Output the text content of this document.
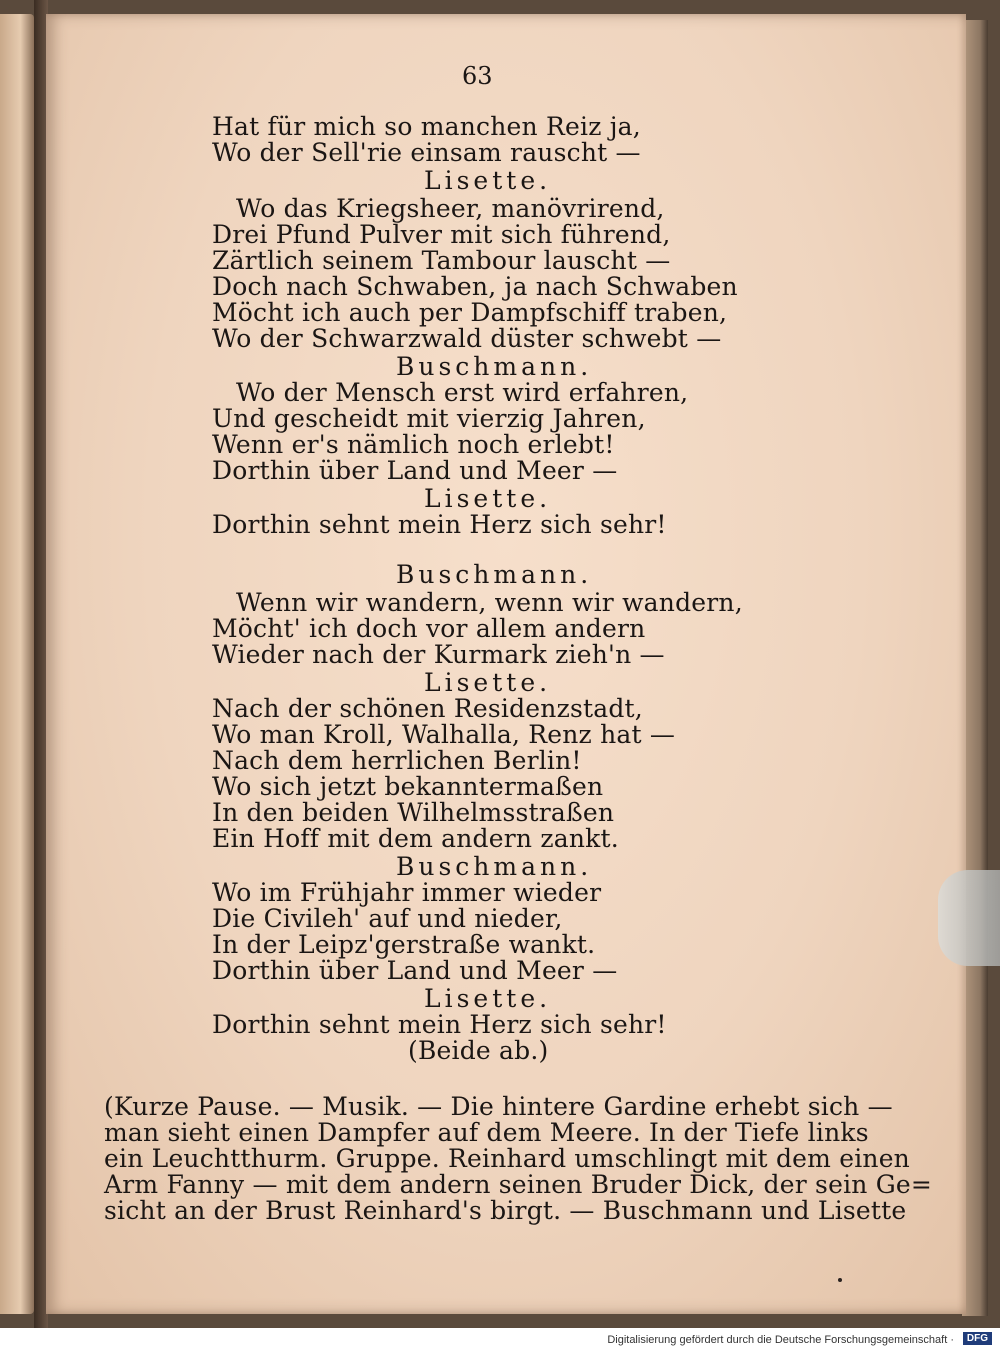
63
Hat für mich so manchen Reiz ja,
Wo der Sell'rie einsam rauscht —
Lisette.
Wo das Kriegsheer, manövrirend,
Drei Pfund Pulver mit sich führend,
Zärtlich seinem Tambour lauscht —
Doch nach Schwaben, ja nach Schwaben
Möcht ich auch per Dampfschiff traben,
Wo der Schwarzwald düster schwebt —
Buschmann.
Wo der Mensch erst wird erfahren,
Und gescheidt mit vierzig Jahren,
Wenn er's nämlich noch erlebt!
Dorthin über Land und Meer —
Lisette.
Dorthin sehnt mein Herz sich sehr!
Buschmann.
Wenn wir wandern, wenn wir wandern,
Möcht' ich doch vor allem andern
Wieder nach der Kurmark zieh'n —
Lisette.
Nach der schönen Residenzstadt,
Wo man Kroll, Walhalla, Renz hat —
Nach dem herrlichen Berlin!
Wo sich jetzt bekanntermaßen
In den beiden Wilhelmsstraßen
Ein Hoff mit dem andern zankt.
Buschmann.
Wo im Frühjahr immer wieder
Die Civileh' auf und nieder,
In der Leipz'gerstraße wankt.
Dorthin über Land und Meer —
Lisette.
Dorthin sehnt mein Herz sich sehr!
(Beide ab.)
(Kurze Pause. — Musik. — Die hintere Gardine erhebt sich —
man sieht einen Dampfer auf dem Meere. In der Tiefe links
ein Leuchtthurm. Gruppe. Reinhard umschlingt mit dem einen
Arm Fanny — mit dem andern seinen Bruder Dick, der sein Ge=
sicht an der Brust Reinhard's birgt. — Buschmann und Lisette
Digitalisierung gefördert durch die Deutsche Forschungsgemeinschaft ·	DFG
